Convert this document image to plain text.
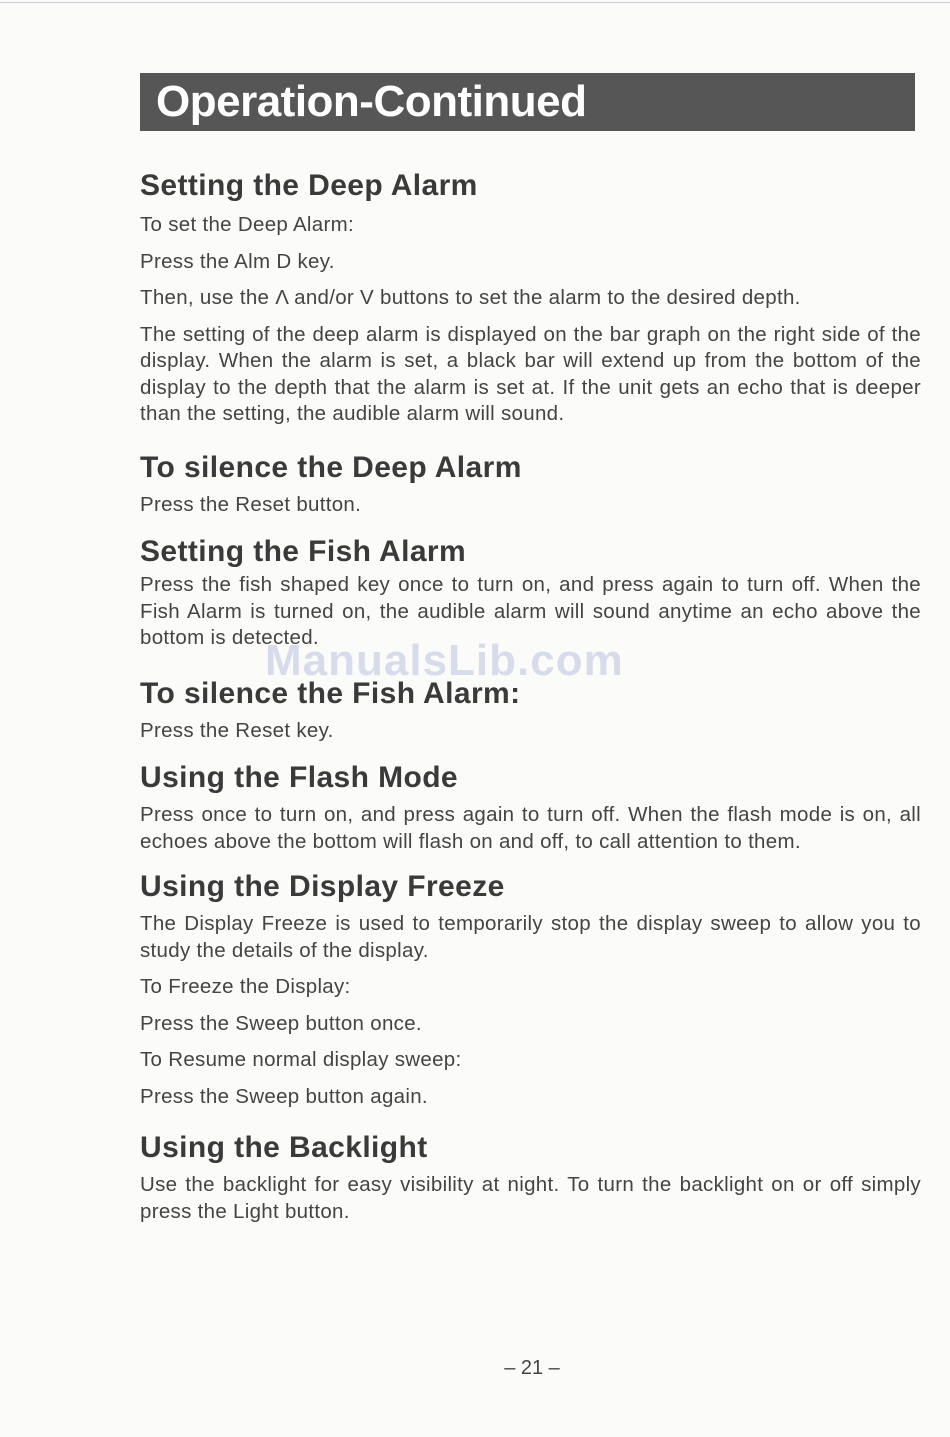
Operation-Continued
Setting the Deep Alarm

To set the Deep Alarm:

Press the Alm D key.

Then, use the Λ and/or V buttons to set the alarm to the desired depth.

The setting of the deep alarm is displayed on the bar graph on the right side of the display. When the alarm is set, a black bar will extend up from the bottom of the display to the depth that the alarm is set at. If the unit gets an echo that is deeper than the setting, the audible alarm will sound.

To silence the Deep Alarm

Press the Reset button.

Setting the Fish Alarm

Press the fish shaped key once to turn on, and press again to turn off. When the Fish Alarm is turned on, the audible alarm will sound anytime an echo above the bottom is detected.

To silence the Fish Alarm:

Press the Reset key.

Using the Flash Mode

Press once to turn on, and press again to turn off. When the flash mode is on, all echoes above the bottom will flash on and off, to call attention to them.

Using the Display Freeze

The Display Freeze is used to temporarily stop the display sweep to allow you to study the details of the display.

To Freeze the Display:

Press the Sweep button once.

To Resume normal display sweep:

Press the Sweep button again.

Using the Backlight

Use the backlight for easy visibility at night. To turn the backlight on or off simply press the Light button.

ManualsLib.com
– 21 –
